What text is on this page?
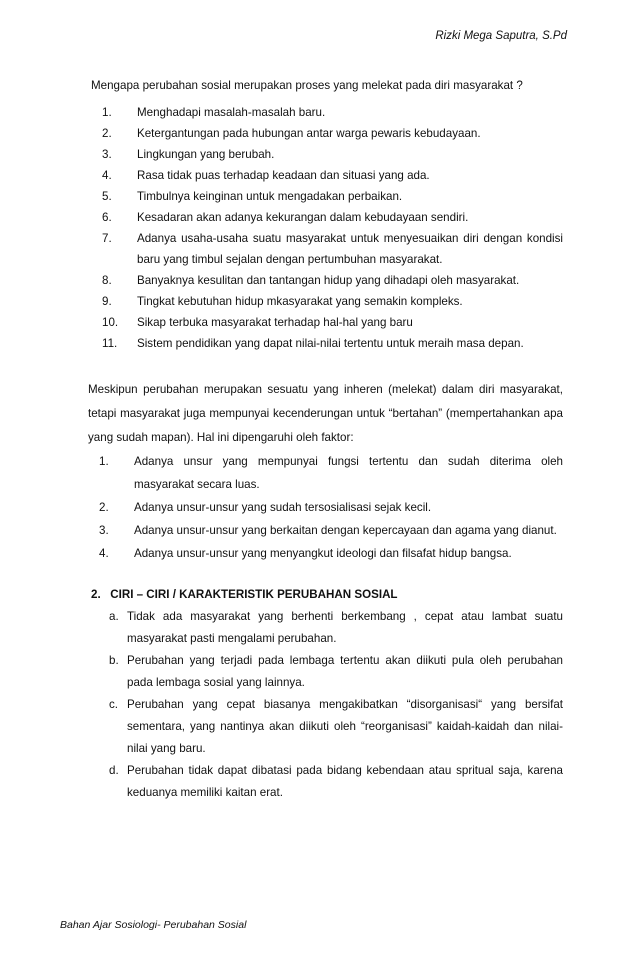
Rizki Mega Saputra, S.Pd

Mengapa perubahan sosial merupakan proses yang melekat pada diri masyarakat ?

1.	Menghadapi masalah-masalah baru.
2.	Ketergantungan pada hubungan antar warga pewaris kebudayaan.
3.	Lingkungan yang berubah.
4.	Rasa tidak puas terhadap keadaan dan situasi yang ada.
5.	Timbulnya keinginan untuk mengadakan perbaikan.
6.	Kesadaran akan adanya kekurangan dalam kebudayaan sendiri.
7.	Adanya usaha-usaha suatu masyarakat untuk menyesuaikan diri dengan kondisi baru yang timbul sejalan dengan pertumbuhan masyarakat.
8.	Banyaknya kesulitan dan tantangan hidup yang dihadapi oleh masyarakat.
9.	Tingkat kebutuhan hidup mkasyarakat yang semakin kompleks.
10.	Sikap terbuka masyarakat terhadap hal-hal yang baru
11.	Sistem pendidikan yang dapat nilai-nilai tertentu untuk meraih masa depan.

Meskipun perubahan merupakan sesuatu yang inheren (melekat) dalam diri masyarakat, tetapi masyarakat juga mempunyai kecenderungan untuk “bertahan” (mempertahankan apa yang sudah mapan). Hal ini dipengaruhi oleh faktor:

1.	Adanya unsur yang mempunyai fungsi tertentu dan sudah diterima oleh masyarakat secara luas.
2.	Adanya unsur-unsur yang sudah tersosialisasi sejak kecil.
3.	Adanya unsur-unsur yang berkaitan dengan kepercayaan dan agama yang dianut.
4.	Adanya unsur-unsur yang menyangkut ideologi dan filsafat hidup bangsa.
2. CIRI – CIRI / KARAKTERISTIK PERUBAHAN SOSIAL
a. Tidak ada masyarakat yang berhenti berkembang , cepat atau lambat suatu masyarakat pasti mengalami perubahan.
b. Perubahan yang terjadi pada lembaga tertentu akan diikuti pula oleh perubahan pada lembaga sosial yang lainnya.
c. Perubahan yang cepat biasanya mengakibatkan “disorganisasi“ yang bersifat sementara, yang nantinya akan diikuti oleh “reorganisasi” kaidah-kaidah dan nilai-nilai yang baru.
d. Perubahan tidak dapat dibatasi pada bidang kebendaan atau spritual saja, karena keduanya memiliki kaitan erat.
Bahan Ajar Sosiologi- Perubahan Sosial
